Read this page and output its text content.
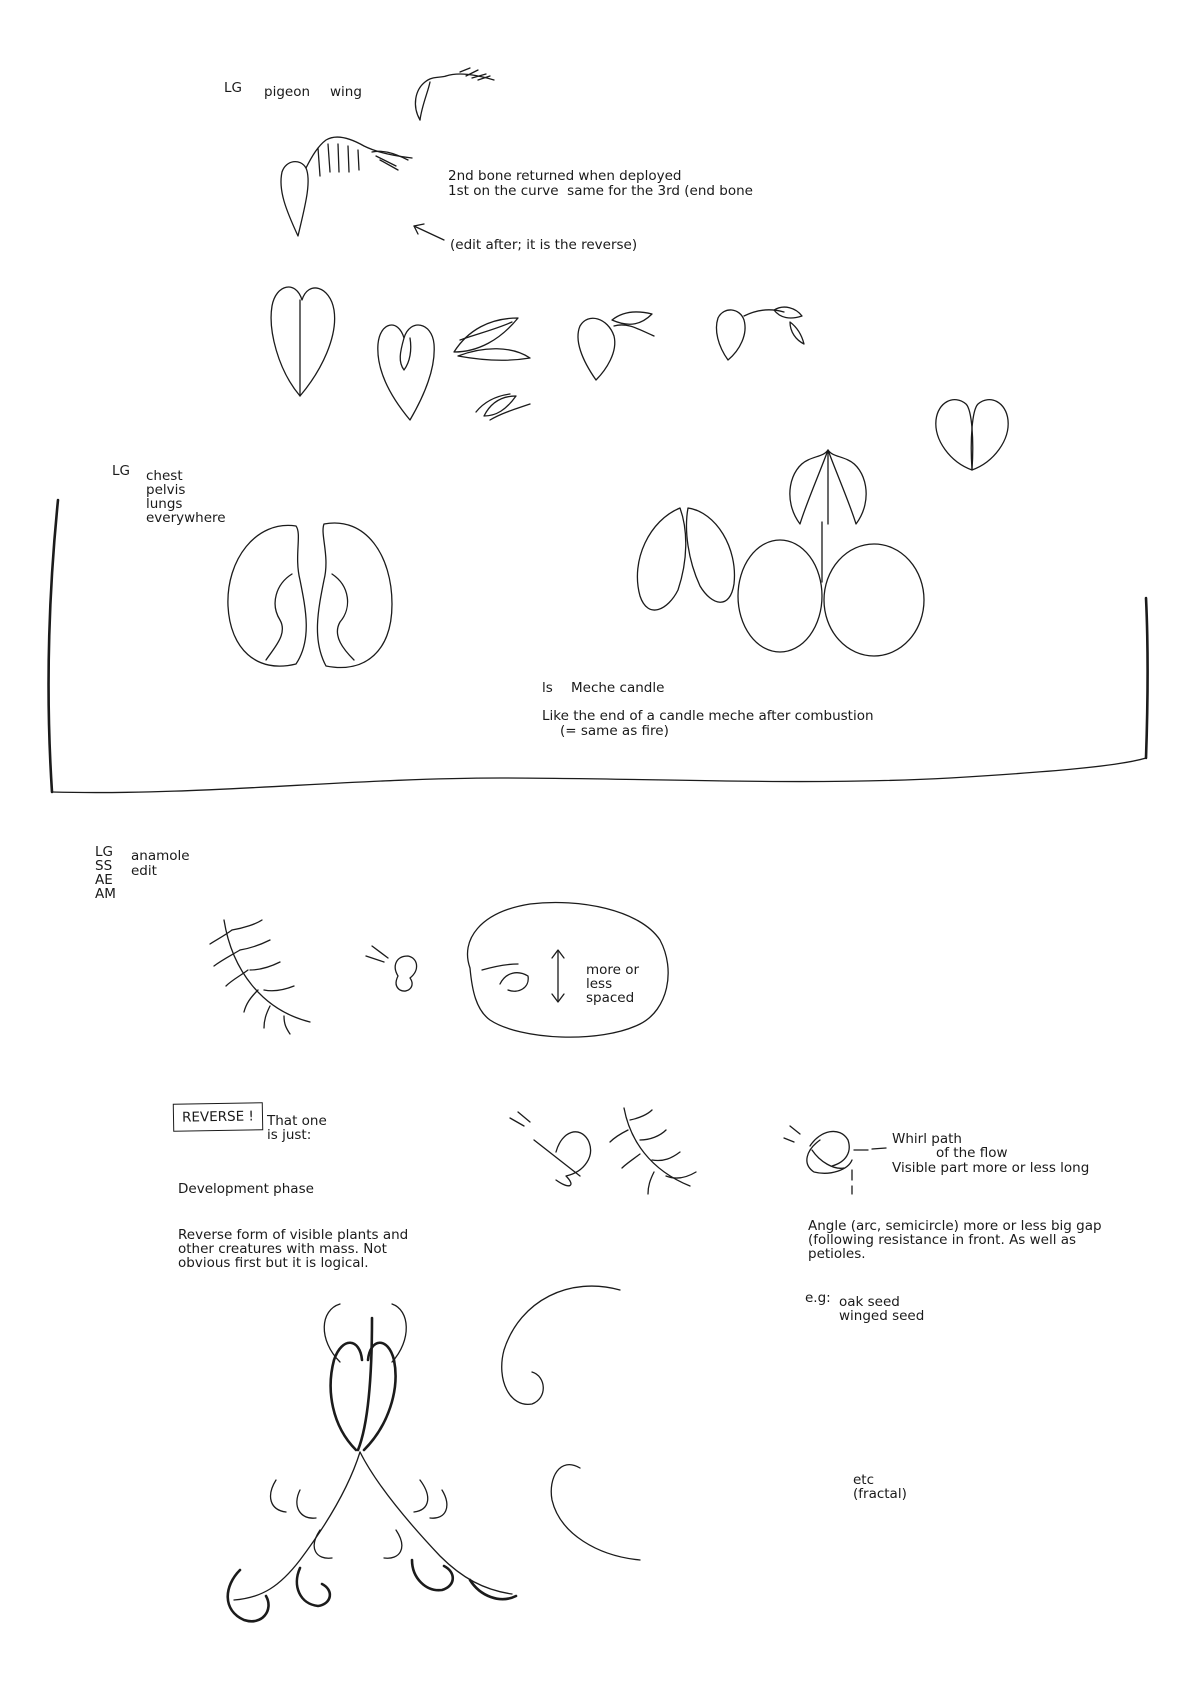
LG pigeon wing

2nd bone returned when deployed

1st on the curve  same for the 3rd (end bone

(edit after; it is the reverse)

LG chest

pelvis

lungs

everywhere

ls Meche candle

Like the end of a candle meche after combustion

(= same as fire)

LG

SS

AE

AM

anamole

edit

more or

less

spaced

REVERSE ! That one

is just:

Development phase

Reverse form of visible plants and

other creatures with mass. Not

obvious first but it is logical.

Whirl path

of the flow

Visible part more or less long

Angle (arc, semicircle) more or less big gap

(following resistance in front. As well as

petioles.

e.g: oak seed

winged seed

etc

(fractal)
